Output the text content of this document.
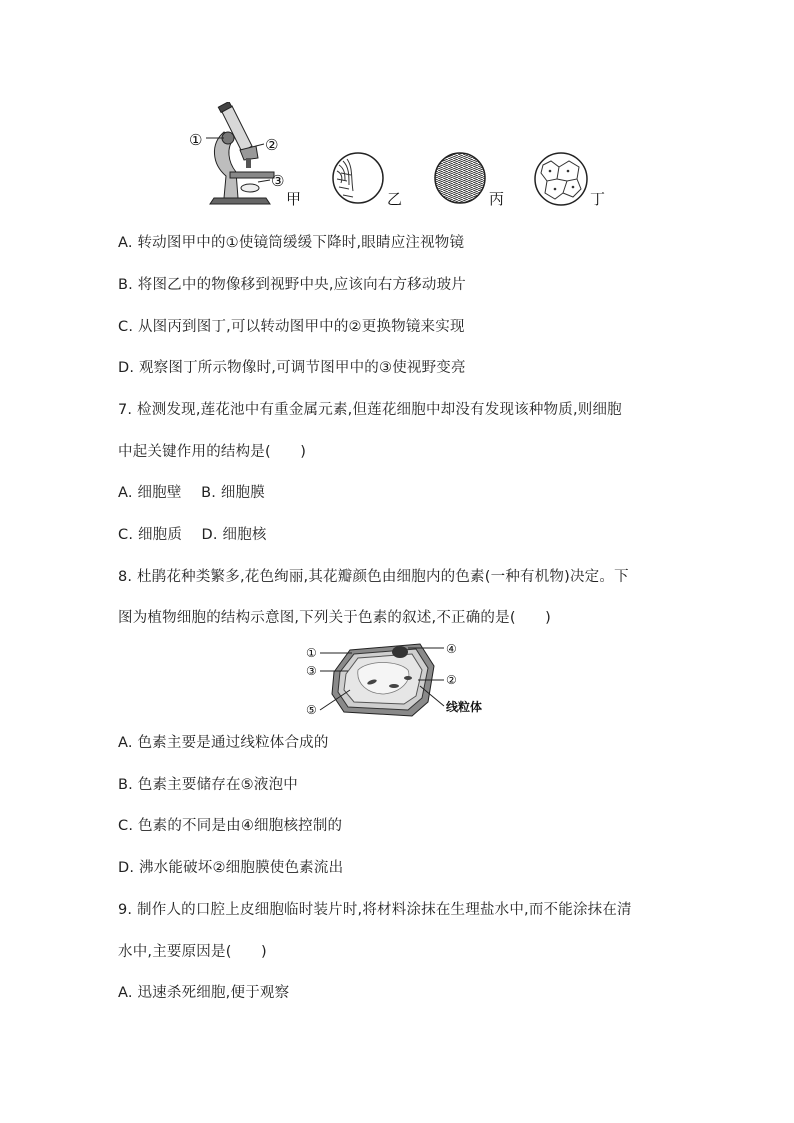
①	②
③
甲	乙	丙	丁
A. 转动图甲中的①使镜筒缓缓下降时,眼睛应注视物镜
B. 将图乙中的物像移到视野中央,应该向右方移动玻片
C. 从图丙到图丁,可以转动图甲中的②更换物镜来实现
D. 观察图丁所示物像时,可调节图甲中的③使视野变亮
7. 检测发现,莲花池中有重金属元素,但莲花细胞中却没有发现该种物质,则细胞
中起关键作用的结构是(　　)
A. 细胞壁　 B. 细胞膜
C. 细胞质　 D. 细胞核
8. 杜鹃花种类繁多,花色绚丽,其花瓣颜色由细胞内的色素(一种有机物)决定。下
图为植物细胞的结构示意图,下列关于色素的叙述,不正确的是(　　)
①
③
⑤
④
②
线粒体
A. 色素主要是通过线粒体合成的
B. 色素主要储存在⑤液泡中
C. 色素的不同是由④细胞核控制的
D. 沸水能破坏②细胞膜使色素流出
9. 制作人的口腔上皮细胞临时装片时,将材料涂抹在生理盐水中,而不能涂抹在清
水中,主要原因是(　　)
A. 迅速杀死细胞,便于观察
